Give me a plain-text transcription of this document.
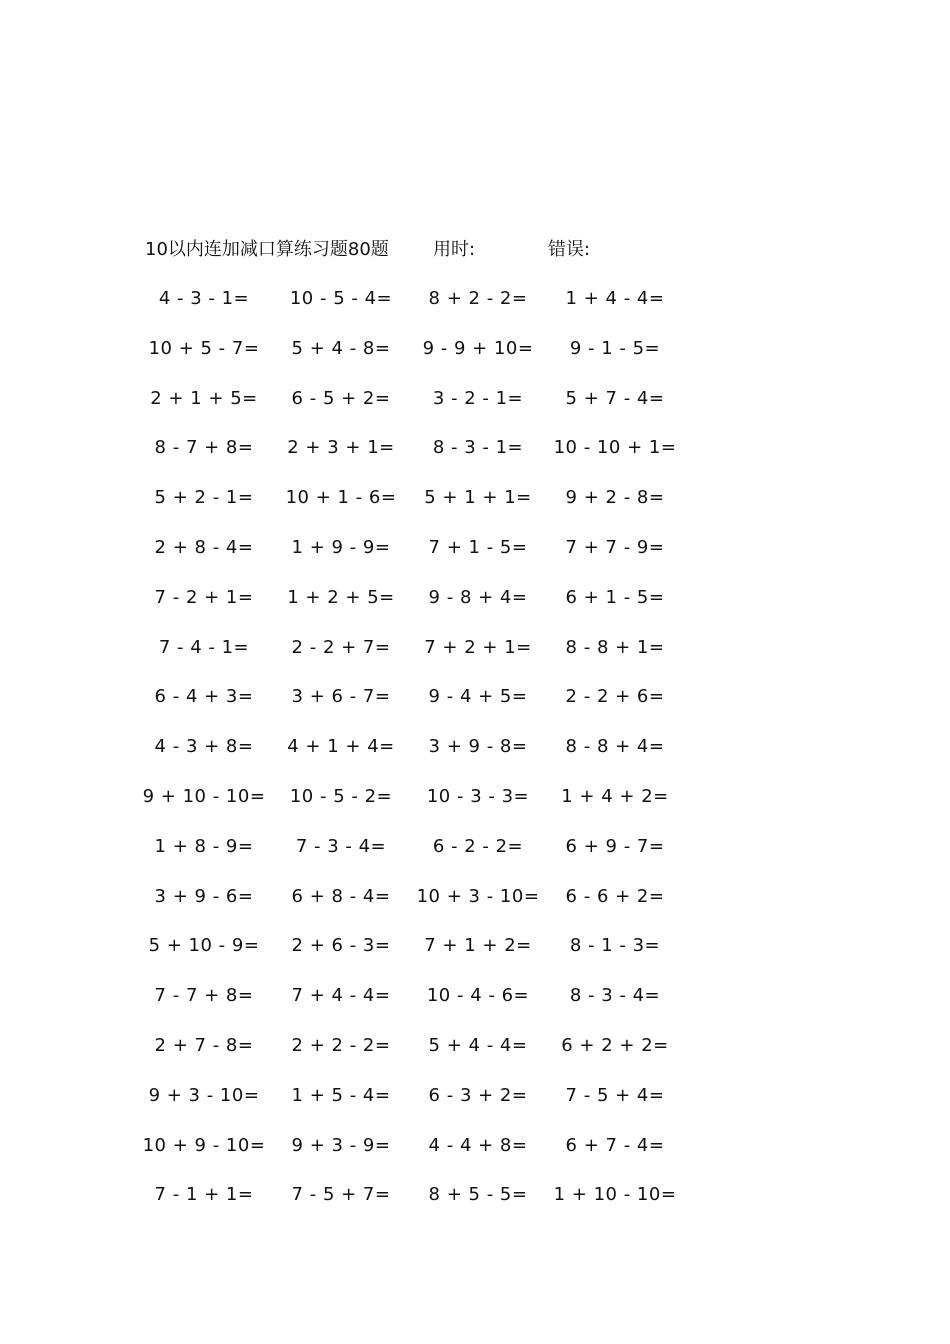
10以内连加减口算练习题80题 用时:	错误:
4 - 3 - 1=	10 - 5 - 4=	8 + 2 - 2=	1 + 4 - 4=
10 + 5 - 7=	5 + 4 - 8=	9 - 9 + 10=	9 - 1 - 5=
2 + 1 + 5=	6 - 5 + 2=	3 - 2 - 1=	5 + 7 - 4=
8 - 7 + 8=	2 + 3 + 1=	8 - 3 - 1=	10 - 10 + 1=
5 + 2 - 1=	10 + 1 - 6=	5 + 1 + 1=	9 + 2 - 8=
2 + 8 - 4=	1 + 9 - 9=	7 + 1 - 5=	7 + 7 - 9=
7 - 2 + 1=	1 + 2 + 5=	9 - 8 + 4=	6 + 1 - 5=
7 - 4 - 1=	2 - 2 + 7=	7 + 2 + 1=	8 - 8 + 1=
6 - 4 + 3=	3 + 6 - 7=	9 - 4 + 5=	2 - 2 + 6=
4 - 3 + 8=	4 + 1 + 4=	3 + 9 - 8=	8 - 8 + 4=
9 + 10 - 10=	10 - 5 - 2=	10 - 3 - 3=	1 + 4 + 2=
1 + 8 - 9=	7 - 3 - 4=	6 - 2 - 2=	6 + 9 - 7=
3 + 9 - 6=	6 + 8 - 4=	10 + 3 - 10=	6 - 6 + 2=
5 + 10 - 9=	2 + 6 - 3=	7 + 1 + 2=	8 - 1 - 3=
7 - 7 + 8=	7 + 4 - 4=	10 - 4 - 6=	8 - 3 - 4=
2 + 7 - 8=	2 + 2 - 2=	5 + 4 - 4=	6 + 2 + 2=
9 + 3 - 10=	1 + 5 - 4=	6 - 3 + 2=	7 - 5 + 4=
10 + 9 - 10=	9 + 3 - 9=	4 - 4 + 8=	6 + 7 - 4=
7 - 1 + 1=	7 - 5 + 7=	8 + 5 - 5=	1 + 10 - 10=
